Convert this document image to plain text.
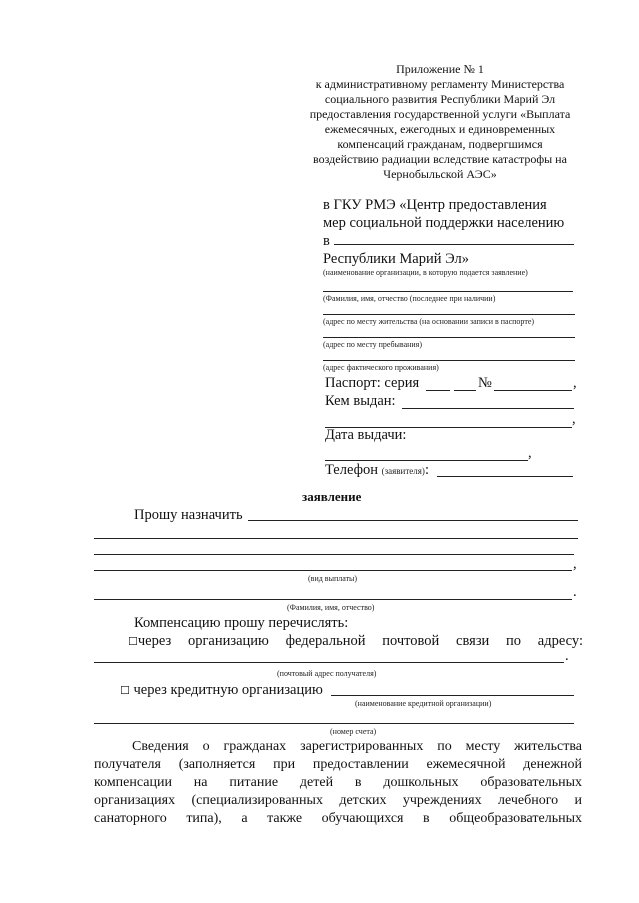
Приложение № 1
к административному регламенту Министерства
социального развития Республики Марий Эл
предоставления государственной услуги «Выплата
ежемесячных, ежегодных и единовременных
компенсаций гражданам, подвергшимся
воздействию радиации вследствие катастрофы на
Чернобыльской АЭС»
в ГКУ РМЭ «Центр предоставления
мер социальной поддержки населению
в
Республики Марий Эл»
(наименование организации, в которую подается заявление)
(Фамилия, имя, отчество (последнее при наличии)
(адрес по месту жительства (на основании записи в паспорте)
(адрес по месту пребывания)
(адрес фактического проживания)
Паспорт: серия	№	,
Кем выдан:
,
Дата выдачи:
,
Телефон (заявителя):
заявление
Прошу назначить
,
(вид выплаты)
.
(Фамилия, имя, отчество)
Компенсацию прошу перечислять:
☐через организацию федеральной почтовой связи по адресу:
.
(почтовый адрес получателя)
☐ через кредитную организацию
(наименование кредитной организации)
(номер счета)
Сведения о гражданах зарегистрированных по месту жительства
получателя (заполняется при предоставлении ежемесячной денежной
компенсации на питание детей в дошкольных образовательных
организациях (специализированных детских учреждениях лечебного и
санаторного типа), а также обучающихся в общеобразовательных
